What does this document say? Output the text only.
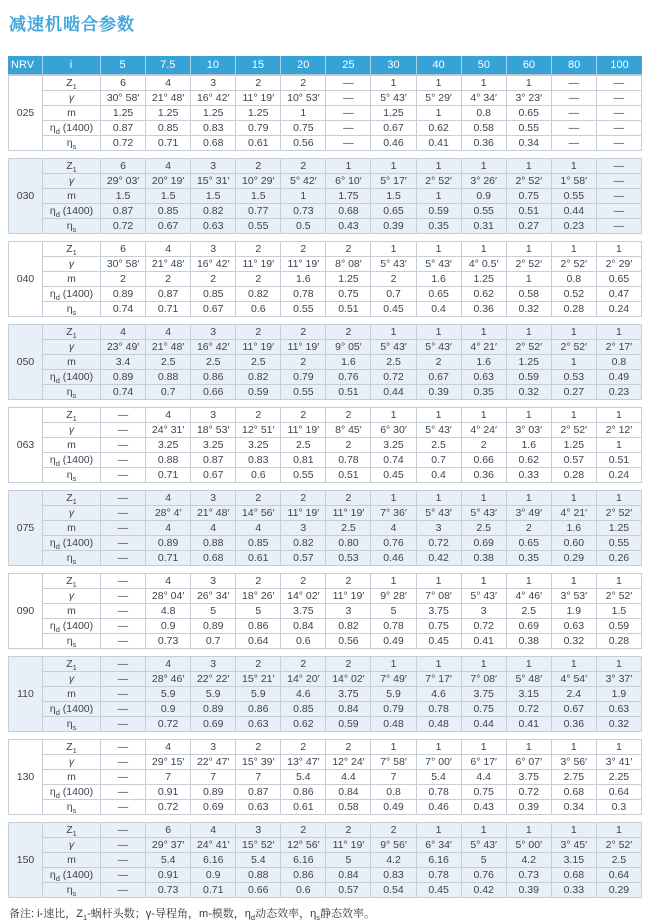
减速机啮合参数
NRV	i	5	7.5	10	15	20	25	30	40	50	60	80	100
025	$Z_1$	6	4	3	2	2	—	1	1	1	1	—	—
	γ	30° 58′	21° 48′	16° 42′	11° 19′	10° 53′	—	5° 43′	5° 29′	4° 34′	3° 23′	—	—
	m	1.25	1.25	1.25	1.25	1	—	1.25	1	0.8	0.65	—	—
	$\eta_d$ (1400)	0.87	0.85	0.83	0.79	0.75	—	0.67	0.62	0.58	0.55	—	—
	$\eta_s$	0.72	0.71	0.68	0.61	0.56	—	0.46	0.41	0.36	0.34	—	—
030	$Z_1$	6	4	3	2	2	1	1	1	1	1	1	—
	γ	29° 03′	20° 19′	15° 31′	10° 29′	5° 42′	6° 10′	5° 17′	2° 52′	3° 26′	2° 52′	1° 58′	—
	m	1.5	1.5	1.5	1.5	1	1.75	1.5	1	0.9	0.75	0.55	—
	$\eta_d$ (1400)	0.87	0.85	0.82	0.77	0.73	0.68	0.65	0.59	0.55	0.51	0.44	—
	$\eta_s$	0.72	0.67	0.63	0.55	0.5	0.43	0.39	0.35	0.31	0.27	0.23	—
040	$Z_1$	6	4	3	2	2	2	1	1	1	1	1	1
	γ	30° 58′	21° 48′	16° 42′	11° 19′	11° 19′	8° 08′	5° 43′	5° 43′	4° 0.5′	2° 52′	2° 52′	2° 29′
	m	2	2	2	2	1.6	1.25	2	1.6	1.25	1	0.8	0.65
	$\eta_d$ (1400)	0.89	0.87	0.85	0.82	0.78	0.75	0.7	0.65	0.62	0.58	0.52	0.47
	$\eta_s$	0.74	0.71	0.67	0.6	0.55	0.51	0.45	0.4	0.36	0.32	0.28	0.24
050	$Z_1$	4	4	3	2	2	2	1	1	1	1	1	1
	γ	23° 49′	21° 48′	16° 42′	11° 19′	11° 19′	9° 05′	5° 43′	5° 43′	4° 21′	2° 52′	2° 52′	2° 17′
	m	3.4	2.5	2.5	2.5	2	1.6	2.5	2	1.6	1.25	1	0.8
	$\eta_d$ (1400)	0.89	0.88	0.86	0.82	0.79	0.76	0.72	0.67	0.63	0.59	0.53	0.49
	$\eta_s$	0.74	0.7	0.66	0.59	0.55	0.51	0.44	0.39	0.35	0.32	0.27	0.23
063	$Z_1$	—	4	3	2	2	2	1	1	1	1	1	1
	γ	—	24° 31′	18° 53′	12° 51′	11° 19′	8° 45′	6° 30′	5° 43′	4° 24′	3° 03′	2° 52′	2° 12′
	m	—	3.25	3.25	3.25	2.5	2	3.25	2.5	2	1.6	1.25	1
	$\eta_d$ (1400)	—	0.88	0.87	0.83	0.81	0.78	0.74	0.7	0.66	0.62	0.57	0.51
	$\eta_s$	—	0.71	0.67	0.6	0.55	0.51	0.45	0.4	0.36	0.33	0.28	0.24
075	$Z_1$	—	4	3	2	2	2	1	1	1	1	1	1
	γ	—	28° 4′	21° 48′	14° 56′	11° 19′	11° 19′	7° 36′	5° 43′	5° 43′	3° 49′	4° 21′	2° 52′
	m	—	4	4	4	3	2.5	4	3	2.5	2	1.6	1.25
	$\eta_d$ (1400)	—	0.89	0.88	0.85	0.82	0.80	0.76	0.72	0.69	0.65	0.60	0.55
	$\eta_s$	—	0.71	0.68	0.61	0.57	0.53	0.46	0.42	0.38	0.35	0.29	0.26
090	$Z_1$	—	4	3	2	2	2	1	1	1	1	1	1
	γ	—	28° 04′	26° 34′	18° 26′	14° 02′	11° 19′	9° 28′	7° 08′	5° 43′	4° 46′	3° 53′	2° 52′
	m	—	4.8	5	5	3.75	3	5	3.75	3	2.5	1.9	1.5
	$\eta_d$ (1400)	—	0.9	0.89	0.86	0.84	0.82	0.78	0.75	0.72	0.69	0.63	0.59
	$\eta_s$	—	0.73	0.7	0.64	0.6	0.56	0.49	0.45	0.41	0.38	0.32	0.28
110	$Z_1$	—	4	3	2	2	2	1	1	1	1	1	1
	γ	—	28° 46′	22° 22′	15° 21′	14° 20′	14° 02′	7° 49′	7° 17′	7° 08′	5° 48′	4° 54′	3° 37′
	m	—	5.9	5.9	5.9	4.6	3.75	5.9	4.6	3.75	3.15	2.4	1.9
	$\eta_d$ (1400)	—	0.9	0.89	0.86	0.85	0.84	0.79	0.78	0.75	0.72	0.67	0.63
	$\eta_s$	—	0.72	0.69	0.63	0.62	0.59	0.48	0.48	0.44	0.41	0.36	0.32
130	$Z_1$	—	4	3	2	2	2	1	1	1	1	1	1
	γ	—	29° 15′	22° 47′	15° 39′	13° 47′	12° 24′	7° 58′	7° 00′	6° 17′	6° 07′	3° 56′	3° 41′
	m	—	7	7	7	5.4	4.4	7	5.4	4.4	3.75	2.75	2.25
	$\eta_d$ (1400)	—	0.91	0.89	0.87	0.86	0.84	0.8	0.78	0.75	0.72	0.68	0.64
	$\eta_s$	—	0.72	0.69	0.63	0.61	0.58	0.49	0.46	0.43	0.39	0.34	0.3
150	$Z_1$	—	6	4	3	2	2	2	1	1	1	1	1
	γ	—	29° 37′	24° 41′	15° 52′	12° 56′	11° 19′	9° 56′	6° 34′	5° 43′	5° 00′	3° 45′	2° 52′
	m	—	5.4	6.16	5.4	6.16	5	4.2	6.16	5	4.2	3.15	2.5
	$\eta_d$ (1400)	—	0.91	0.9	0.88	0.86	0.84	0.83	0.78	0.76	0.73	0.68	0.64
	$\eta_s$	—	0.73	0.71	0.66	0.6	0.57	0.54	0.45	0.42	0.39	0.33	0.29

备注: i-速比，$Z_1-$蜗杆头数；γ-导程角，m-模数，$\eta_d$动态效率，$\eta_s$静态效率。
